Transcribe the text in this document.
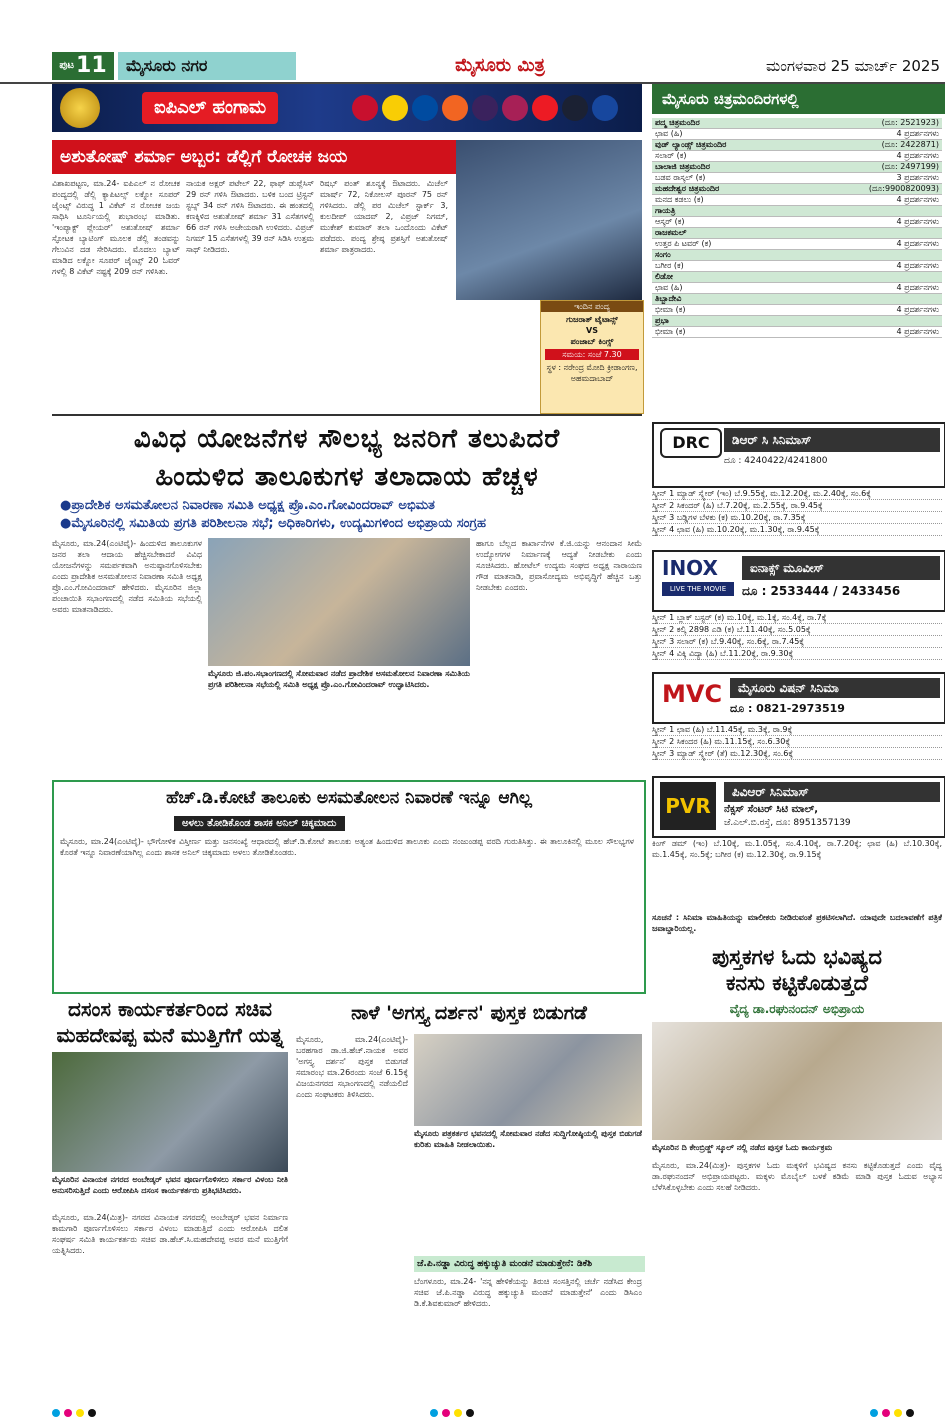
$^{ಪುಟ}$11	ಮೈಸೂರು ನಗರ	ಮೈಸೂರು ಮಿತ್ರ	ಮಂಗಳವಾರ 25 ಮಾರ್ಚ್ 2025
ಐಪಿಎಲ್ ಹಂಗಾಮ
ಅಶುತೋಷ್ ಶರ್ಮಾ ಅಬ್ಬರ: ಡೆಲ್ಲಿಗೆ ರೋಚಕ ಜಯ
ವಿಶಾಖಪಟ್ಟಣ, ಮಾ.24- ಐಪಿಎಲ್ ನ ರೋಚಕ ಪಂದ್ಯದಲ್ಲಿ ಡೆಲ್ಲಿ ಕ್ಯಾಪಿಟಲ್ಸ್ ಲಕ್ನೋ ಸೂಪರ್ ಜೈಂಟ್ಸ್ ವಿರುದ್ಧ 1 ವಿಕೆಟ್ ನ ರೋಚಕ ಜಯ ಸಾಧಿಸಿ ಟೂರ್ನಿಯಲ್ಲಿ ಶುಭಾರಂಭ ಮಾಡಿತು. 'ಇಂಪ್ಯಾಕ್ಟ್ ಪ್ಲೇಯರ್' ಅಶುತೋಷ್ ಶರ್ಮಾ ಸ್ಫೋಟಕ ಬ್ಯಾಟಿಂಗ್ ಮೂಲಕ ಡೆಲ್ಲಿ ತಂಡವನ್ನು ಗೆಲುವಿನ ದಡ ಸೇರಿಸಿದರು. ಮೊದಲು ಬ್ಯಾಟ್ ಮಾಡಿದ ಲಕ್ನೋ ಸೂಪರ್ ಜೈಂಟ್ಸ್ 20 ಓವರ್ ಗಳಲ್ಲಿ 8 ವಿಕೆಟ್ ನಷ್ಟಕ್ಕೆ 209 ರನ್ ಗಳಿಸಿತು.
ನಾಯಕ ಅಕ್ಷರ್ ಪಟೇಲ್ 22, ಫಾಫ್ ಡುಪ್ಲೆಸಿಸ್ 29 ರನ್ ಗಳಿಸಿ ಔಟಾದರು. ಬಳಿಕ ಬಂದ ಟ್ರಿಸ್ಟನ್ ಸ್ಟಬ್ಸ್ 34 ರನ್ ಗಳಿಸಿ ಔಟಾದರು. ಈ ಹಂತದಲ್ಲಿ ಕಣಕ್ಕಿಳಿದ ಅಶುತೋಷ್ ಶರ್ಮಾ 31 ಎಸೆತಗಳಲ್ಲಿ 66 ರನ್ ಗಳಿಸಿ ಅಜೇಯರಾಗಿ ಉಳಿದರು. ವಿಪ್ರಜ್ ನಿಗಮ್ 15 ಎಸೆತಗಳಲ್ಲಿ 39 ರನ್ ಸಿಡಿಸಿ ಉತ್ತಮ ಸಾಥ್ ನೀಡಿದರು.
ರಿಷಭ್ ಪಂತ್ ಶೂನ್ಯಕ್ಕೆ ಔಟಾದರು. ಮಿಚೆಲ್ ಮಾರ್ಷ್ 72, ನಿಕೋಲಸ್ ಪೂರನ್ 75 ರನ್ ಗಳಿಸಿದರು. ಡೆಲ್ಲಿ ಪರ ಮಿಚೆಲ್ ಸ್ಟಾರ್ಕ್ 3, ಕುಲದೀಪ್ ಯಾದವ್ 2, ವಿಪ್ರಜ್ ನಿಗಮ್, ಮುಕೇಶ್ ಕುಮಾರ್ ತಲಾ ಒಂದೊಂದು ವಿಕೆಟ್ ಪಡೆದರು. ಪಂದ್ಯ ಶ್ರೇಷ್ಠ ಪ್ರಶಸ್ತಿಗೆ ಅಶುತೋಷ್ ಶರ್ಮಾ ಪಾತ್ರರಾದರು.
ಇಂದಿನ ಪಂದ್ಯ
ಗುಜರಾತ್ ಟೈಟಾನ್ಸ್
VS
ಪಂಜಾಬ್ ಕಿಂಗ್ಸ್
ಸಮಯ: ಸಂಜೆ 7.30
ಸ್ಥಳ : ನರೇಂದ್ರ ಮೋದಿ ಕ್ರೀಡಾಂಗಣ, ಅಹಮದಾಬಾದ್
ವಿವಿಧ ಯೋಜನೆಗಳ ಸೌಲಭ್ಯ ಜನರಿಗೆ ತಲುಪಿದರೆ
ಹಿಂದುಳಿದ ತಾಲೂಕುಗಳ ತಲಾದಾಯ ಹೆಚ್ಚಳ
●ಪ್ರಾದೇಶಿಕ ಅಸಮತೋಲನ ನಿವಾರಣಾ ಸಮಿತಿ ಅಧ್ಯಕ್ಷ ಪ್ರೊ.ಎಂ.ಗೋವಿಂದರಾವ್ ಅಭಿಮತ
●ಮೈಸೂರಿನಲ್ಲಿ ಸಮಿತಿಯ ಪ್ರಗತಿ ಪರಿಶೀಲನಾ ಸಭೆ; ಅಧಿಕಾರಿಗಳು, ಉದ್ಯಮಿಗಳಿಂದ ಅಭಿಪ್ರಾಯ ಸಂಗ್ರಹ
ಮೈಸೂರು, ಮಾ.24(ಎಂಟಿವೈ)- ಹಿಂದುಳಿದ ತಾಲೂಕುಗಳ ಜನರ ತಲಾ ಆದಾಯ ಹೆಚ್ಚಿಸಬೇಕಾದರೆ ವಿವಿಧ ಯೋಜನೆಗಳನ್ನು ಸಮರ್ಪಕವಾಗಿ ಅನುಷ್ಠಾನಗೊಳಿಸಬೇಕು ಎಂದು ಪ್ರಾದೇಶಿಕ ಅಸಮತೋಲನ ನಿವಾರಣಾ ಸಮಿತಿ ಅಧ್ಯಕ್ಷ ಪ್ರೊ.ಎಂ.ಗೋವಿಂದರಾವ್ ಹೇಳಿದರು. ಮೈಸೂರಿನ ಜಿಲ್ಲಾ ಪಂಚಾಯಿತಿ ಸಭಾಂಗಣದಲ್ಲಿ ನಡೆದ ಸಮಿತಿಯ ಸಭೆಯಲ್ಲಿ ಅವರು ಮಾತನಾಡಿದರು.
ಮೈಸೂರು ಜಿ.ಪಂ.ಸಭಾಂಗಣದಲ್ಲಿ ಸೋಮವಾರ ನಡೆದ ಪ್ರಾದೇಶಿಕ ಅಸಮತೋಲನ ನಿವಾರಣಾ ಸಮಿತಿಯ ಪ್ರಗತಿ ಪರಿಶೀಲನಾ ಸಭೆಯಲ್ಲಿ ಸಮಿತಿ ಅಧ್ಯಕ್ಷ ಪ್ರೊ.ಎಂ.ಗೋವಿಂದರಾವ್ ಉದ್ಘಾಟಿಸಿದರು.
ಹಾಗೂ ಬೆಲ್ಲದ ಕಾರ್ಖಾನೆಗಳ ಕೆ.ಜಿ.ಯನ್ನು ಆನಂದಾನ ಸೀಮೆ ಉದ್ಯೋಗಗಳ ನಿರ್ಮಾಣಕ್ಕೆ ಆದ್ಯತೆ ನೀಡಬೇಕು ಎಂದು ಸೂಚಿಸಿದರು. ಹೋಟೆಲ್ ಉದ್ಯಮ ಸಂಘದ ಅಧ್ಯಕ್ಷ ನಾರಾಯಣ ಗೌಡ ಮಾತನಾಡಿ, ಪ್ರವಾಸೋದ್ಯಮ ಅಭಿವೃದ್ಧಿಗೆ ಹೆಚ್ಚಿನ ಒತ್ತು ನೀಡಬೇಕು ಎಂದರು.
ಹೆಚ್.ಡಿ.ಕೋಟೆ ತಾಲೂಕು ಅಸಮತೋಲನ ನಿವಾರಣೆ ಇನ್ನೂ ಆಗಿಲ್ಲ
ಅಳಲು ತೋಡಿಕೊಂಡ ಶಾಸಕ ಅನಿಲ್ ಚಿಕ್ಕಮಾದು
ಮೈಸೂರು, ಮಾ.24(ಎಂಟಿವೈ)- ಭೌಗೋಳಿಕ ವಿಸ್ತೀರ್ಣ ಮತ್ತು ಜನಸಂಖ್ಯೆ ಆಧಾರದಲ್ಲಿ ಹೆಚ್.ಡಿ.ಕೋಟೆ ತಾಲೂಕು ಅತ್ಯಂತ ಹಿಂದುಳಿದ ತಾಲೂಕು ಎಂದು ನಂಜುಂಡಪ್ಪ ವರದಿ ಗುರುತಿಸಿತ್ತು. ಈ ತಾಲೂಕಿನಲ್ಲಿ ಮೂಲ ಸೌಲಭ್ಯಗಳ ಕೊರತೆ ಇನ್ನೂ ನಿವಾರಣೆಯಾಗಿಲ್ಲ ಎಂದು ಶಾಸಕ ಅನಿಲ್ ಚಿಕ್ಕಮಾದು ಅಳಲು ತೋಡಿಕೊಂಡರು.
ದಸಂಸ ಕಾರ್ಯಕರ್ತರಿಂದ ಸಚಿವ
ಮಹದೇವಪ್ಪ ಮನೆ ಮುತ್ತಿಗೆಗೆ ಯತ್ನ
ಮೈಸೂರಿನ ವಿನಾಯಕ ನಗರದ ಅಂಬೇಡ್ಕರ್ ಭವನ ಪೂರ್ಣಗೊಳಿಸಲು ಸರ್ಕಾರ ವಿಳಂಬ ನೀತಿ ಅನುಸರಿಸುತ್ತಿದೆ ಎಂದು ಆರೋಪಿಸಿ ದಸಂಸ ಕಾರ್ಯಕರ್ತರು ಪ್ರತಿಭಟಿಸಿದರು.
ಮೈಸೂರು, ಮಾ.24(ಮಿತ್ರ)- ನಗರದ ವಿನಾಯಕ ನಗರದಲ್ಲಿ ಅಂಬೇಡ್ಕರ್ ಭವನ ನಿರ್ಮಾಣ ಕಾಮಗಾರಿ ಪೂರ್ಣಗೊಳಿಸಲು ಸರ್ಕಾರ ವಿಳಂಬ ಮಾಡುತ್ತಿದೆ ಎಂದು ಆರೋಪಿಸಿ ದಲಿತ ಸಂಘರ್ಷ ಸಮಿತಿ ಕಾರ್ಯಕರ್ತರು ಸಚಿವ ಡಾ.ಹೆಚ್.ಸಿ.ಮಹದೇವಪ್ಪ ಅವರ ಮನೆ ಮುತ್ತಿಗೆಗೆ ಯತ್ನಿಸಿದರು.
ನಾಳೆ 'ಅಗಸ್ತ್ಯ ದರ್ಶನ' ಪುಸ್ತಕ ಬಿಡುಗಡೆ
ಮೈಸೂರು, ಮಾ.24(ಎಂಟಿವೈ)- ಬರಹಗಾರ ಡಾ.ಜಿ.ಹೆಚ್.ನಾಯಕ ಅವರ 'ಅಗಸ್ತ್ಯ ದರ್ಶನ' ಪುಸ್ತಕ ಬಿಡುಗಡೆ ಸಮಾರಂಭ ಮಾ.26ರಂದು ಸಂಜೆ 6.15ಕ್ಕೆ ವಿಜಯನಗರದ ಸಭಾಂಗಣದಲ್ಲಿ ನಡೆಯಲಿದೆ ಎಂದು ಸಂಘಟಕರು ತಿಳಿಸಿದರು.
ಮೈಸೂರು ಪತ್ರಕರ್ತರ ಭವನದಲ್ಲಿ ಸೋಮವಾರ ನಡೆದ ಸುದ್ದಿಗೋಷ್ಠಿಯಲ್ಲಿ ಪುಸ್ತಕ ಬಿಡುಗಡೆ ಕುರಿತು ಮಾಹಿತಿ ನೀಡಲಾಯಿತು.
ಜೆ.ಪಿ.ನಡ್ಡಾ ವಿರುದ್ಧ ಹಕ್ಕುಚ್ಯುತಿ ಮಂಡನೆ ಮಾಡುತ್ತೇನೆ: ಡಿಕೆಶಿ
ಬೆಂಗಳೂರು, ಮಾ.24- 'ನನ್ನ ಹೇಳಿಕೆಯನ್ನು ತಿರುಚಿ ಸಂಸತ್ತಿನಲ್ಲಿ ಚರ್ಚೆ ನಡೆಸಿದ ಕೇಂದ್ರ ಸಚಿವ ಜೆ.ಪಿ.ನಡ್ಡಾ ವಿರುದ್ಧ ಹಕ್ಕುಚ್ಯುತಿ ಮಂಡನೆ ಮಾಡುತ್ತೇನೆ' ಎಂದು ಡಿಸಿಎಂ ಡಿ.ಕೆ.ಶಿವಕುಮಾರ್ ಹೇಳಿದರು.
ಮೈಸೂರು ಚಿತ್ರಮಂದಿರಗಳಲ್ಲಿ
ಪದ್ಮ ಚಿತ್ರಮಂದಿರ	(ದೂ: 2521923)
ಛಾವ (ಹಿ)	4 ಪ್ರದರ್ಶನಗಳು
ವುಡ್ ಲ್ಯಾಂಡ್ಸ್ ಚಿತ್ರಮಂದಿರ	(ದೂ: 2422871)
ಸಲಾರ್ (ಕ)	4 ಪ್ರದರ್ಶನಗಳು
ಬಾಲಾಜಿ ಚಿತ್ರಮಂದಿರ	(ದೂ: 2497199)
ಬಡವ ರಾಸ್ಕಲ್ (ಕ)	3 ಪ್ರದರ್ಶನಗಳು
ಮಹದೇಶ್ವರ ಚಿತ್ರಮಂದಿರ	(ದೂ:9900820093)
ಮನದ ಕಡಲು (ಕ)	4 ಪ್ರದರ್ಶನಗಳು
ಗಾಯತ್ರಿ
ಆಸ್ಕರ್ (ಕ)	4 ಪ್ರದರ್ಶನಗಳು
ರಾಜಕಮಲ್
ಉತ್ತರ ಪಿ ಟವರ್ (ಕ)	4 ಪ್ರದರ್ಶನಗಳು
ಸಂಗಂ
ಬಗೀರ (ಕ)	4 ಪ್ರದರ್ಶನಗಳು
ಲಿಡೋ
ಛಾವ (ಹಿ)	4 ಪ್ರದರ್ಶನಗಳು
ತಿಬ್ಬಾದೇವಿ
ಭೀಮಾ (ಕ)	4 ಪ್ರದರ್ಶನಗಳು
ಪ್ರಭಾ
ಭೀಮಾ (ಕ)	4 ಪ್ರದರ್ಶನಗಳು
DRC	ಡಿಆರ್ ಸಿ ಸಿನಿಮಾಸ್
ದೂ : 4240422/4241800
ಸ್ಕ್ರೀನ್ 1 ಮ್ಯಾಡ್ ಸ್ಕ್ವೇರ್ (ಇಂ) ಬೆ.9.55ಕ್ಕೆ, ಮ.12.20ಕ್ಕೆ, ಮ.2.40ಕ್ಕೆ, ಸಂ.6ಕ್ಕೆ
ಸ್ಕ್ರೀನ್ 2 ಸಿಕಂದರ್ (ಹಿ) ಬೆ.7.20ಕ್ಕೆ, ಮ.2.55ಕ್ಕೆ, ರಾ.9.45ಕ್ಕೆ
ಸ್ಕ್ರೀನ್ 3 ಬಡ್ಡಿಗಳ ಬೆಳಕು (ಕ) ಮ.10.20ಕ್ಕೆ, ರಾ.7.35ಕ್ಕೆ
ಸ್ಕ್ರೀನ್ 4 ಛಾವ (ಹಿ) ಮ.10.20ಕ್ಕೆ, ಮ.1.30ಕ್ಕೆ, ರಾ.9.45ಕ್ಕೆ
INOX
LIVE THE MOVIE
ಐನಾಕ್ಸ್ ಮೂವೀಸ್
ದೂ : 2533444 / 2433456
ಸ್ಕ್ರೀನ್ 1 ಬ್ಲಾಕ್ ಬಸ್ಟರ್ (ಕ) ಮ.10ಕ್ಕೆ, ಮ.1ಕ್ಕೆ, ಸಂ.4ಕ್ಕೆ, ರಾ.7ಕ್ಕೆ
ಸ್ಕ್ರೀನ್ 2 ಕಲ್ಕಿ 2898 ಎಡಿ (ಕ) ಬೆ.11.40ಕ್ಕೆ, ಸಂ.5.05ಕ್ಕೆ
ಸ್ಕ್ರೀನ್ 3 ಸಲಾರ್ (ಕ) ಬೆ.9.40ಕ್ಕೆ, ಸಂ.6ಕ್ಕೆ, ರಾ.7.45ಕ್ಕೆ
ಸ್ಕ್ರೀನ್ 4 ವಿಕ್ಕಿ ವಿದ್ಯಾ (ಹಿ) ಬೆ.11.20ಕ್ಕೆ, ರಾ.9.30ಕ್ಕೆ
MVC	ಮೈಸೂರು ವಿಷನ್ ಸಿನಿಮಾ
ದೂ : 0821-2973519
ಸ್ಕ್ರೀನ್ 1 ಛಾವ (ಹಿ) ಬೆ.11.45ಕ್ಕೆ, ಮ.3ಕ್ಕೆ, ರಾ.9ಕ್ಕೆ
ಸ್ಕ್ರೀನ್ 2 ಸಿಕಂದರ (ಹಿ) ಮ.11.15ಕ್ಕೆ, ಸಂ.6.30ಕ್ಕೆ
ಸ್ಕ್ರೀನ್ 3 ಮ್ಯಾಡ್ ಸ್ಕ್ವೇರ್ (ತೆ) ಮ.12.30ಕ್ಕೆ, ಸಂ.6ಕ್ಕೆ
PVR
ಪಿವಿಆರ್ ಸಿನಿಮಾಸ್
ನೆಕ್ಸಸ್ ಸೆಂಟರ್ ಸಿಟಿ ಮಾಲ್,
ಜೆ.ಎಲ್.ಬಿ.ರಸ್ತೆ, ದೂ: 8951357139
ಕಿಂಗ್ ಡಮ್ (ಇಂ) ಬೆ.10ಕ್ಕೆ, ಮ.1.05ಕ್ಕೆ, ಸಂ.4.10ಕ್ಕೆ, ರಾ.7.20ಕ್ಕೆ; ಛಾವ (ಹಿ) ಬೆ.10.30ಕ್ಕೆ, ಮ.1.45ಕ್ಕೆ, ಸಂ.5ಕ್ಕೆ; ಬಗೀರ (ಕ) ಮ.12.30ಕ್ಕೆ, ರಾ.9.15ಕ್ಕೆ
ಸೂಚನೆ : ಸಿನಿಮಾ ಮಾಹಿತಿಯನ್ನು ಮಾಲೀಕರು ನೀಡಿರುವಂತೆ ಪ್ರಕಟಿಸಲಾಗಿದೆ. ಯಾವುದೇ ಬದಲಾವಣೆಗೆ ಪತ್ರಿಕೆ ಜವಾಬ್ದಾರಿಯಲ್ಲ.
ಪುಸ್ತಕಗಳ ಓದು ಭವಿಷ್ಯದ
ಕನಸು ಕಟ್ಟಿಕೊಡುತ್ತದೆ
ವೈದ್ಯ ಡಾ.ರಘುನಂದನ್ ಅಭಿಪ್ರಾಯ
ಮೈಸೂರಿನ ದಿ ಕೇಂಬ್ರಿಡ್ಜ್ ಸ್ಕೂಲ್ ನಲ್ಲಿ ನಡೆದ ಪುಸ್ತಕ ಓದು ಕಾರ್ಯಕ್ರಮ
ಮೈಸೂರು, ಮಾ.24(ಮಿತ್ರ)- ಪುಸ್ತಕಗಳ ಓದು ಮಕ್ಕಳಿಗೆ ಭವಿಷ್ಯದ ಕನಸು ಕಟ್ಟಿಕೊಡುತ್ತದೆ ಎಂದು ವೈದ್ಯ ಡಾ.ರಘುನಂದನ್ ಅಭಿಪ್ರಾಯಪಟ್ಟರು. ಮಕ್ಕಳು ಮೊಬೈಲ್ ಬಳಕೆ ಕಡಿಮೆ ಮಾಡಿ ಪುಸ್ತಕ ಓದುವ ಅಭ್ಯಾಸ ಬೆಳೆಸಿಕೊಳ್ಳಬೇಕು ಎಂದು ಸಲಹೆ ನೀಡಿದರು.
